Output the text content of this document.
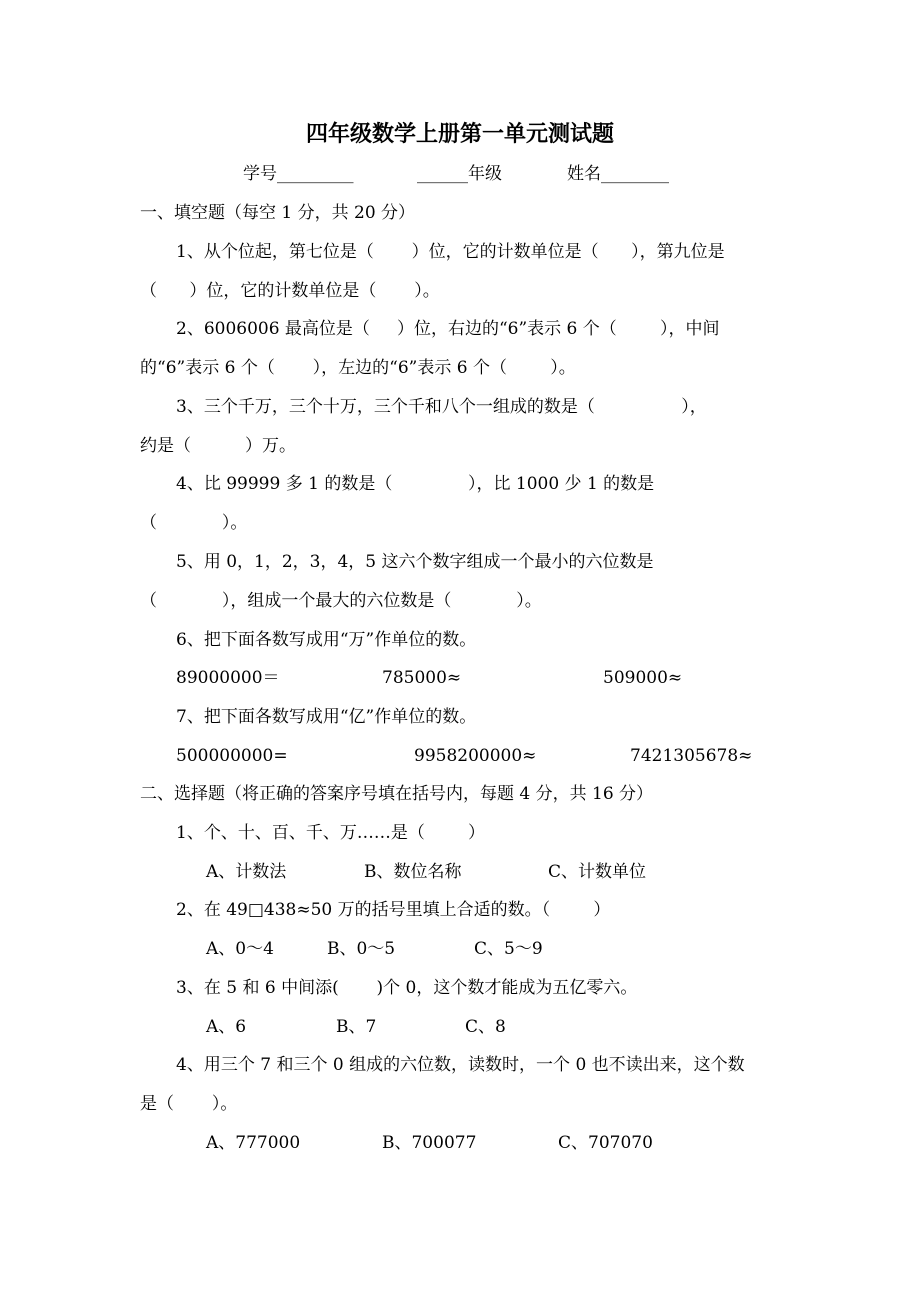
四年级数学上册第一单元测试题
学号_________	______年级	姓名________
一、填空题（每空 1 分，共 20 分）
1、从个位起，第七位是（       ）位，它的计数单位是（      ），第九位是
（      ）位，它的计数单位是（       ）。
2、6006006 最高位是（     ）位，右边的“6”表示 6 个（        ），中间
的“6”表示 6 个（       ），左边的“6”表示 6 个（        ）。
3、三个千万，三个十万，三个千和八个一组成的数是（                ），
约是（          ）万。
4、比 99999 多 1 的数是（              ），比 1000 少 1 的数是
（            ）。
5、用 0，1，2，3，4，5 这六个数字组成一个最小的六位数是
（            ），组成一个最大的六位数是（            ）。
6、把下面各数写成用“万”作单位的数。
89000000＝	785000≈	509000≈
7、把下面各数写成用“亿”作单位的数。
500000000=	9958200000≈	7421305678≈
二、选择题（将正确的答案序号填在括号内，每题 4 分，共 16 分）
1、个、十、百、千、万……是（        ）
A、计数法	B、数位名称	C、计数单位
2、在 49□438≈50 万的括号里填上合适的数。（        ）
A、0～4	B、0～5	C、5～9
3、在 5 和 6 中间添(       )个 0，这个数才能成为五亿零六。
A、6	B、7	C、8
4、用三个 7 和三个 0 组成的六位数，读数时，一个 0 也不读出来，这个数
是（       ）。
A、777000	B、700077	C、707070
